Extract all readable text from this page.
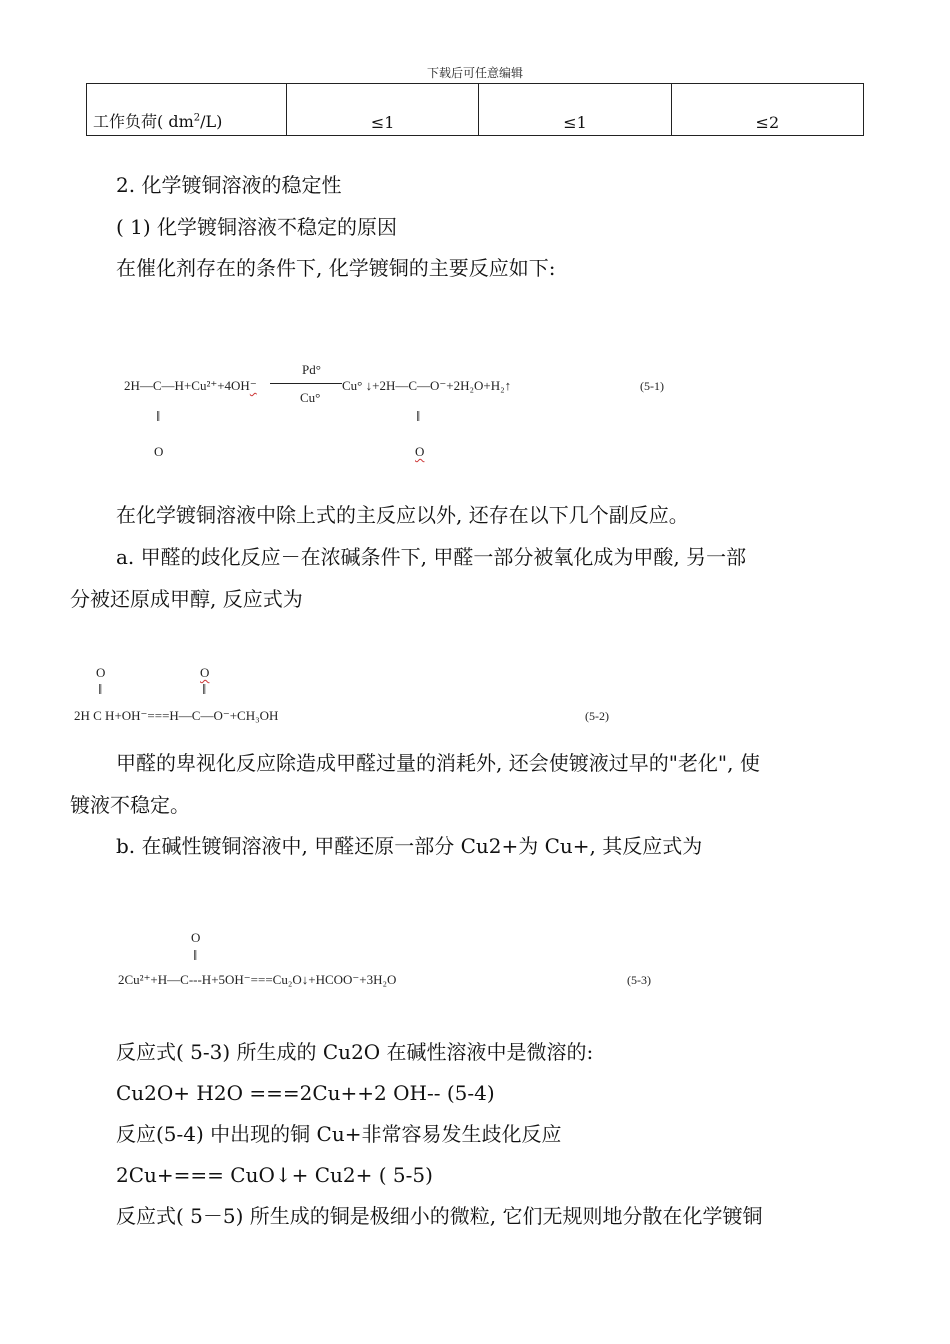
下载后可任意编辑
工作负荷( $dm^2/L$)	≤1	≤1	≤2
2. 化学镀铜溶液的稳定性
( 1) 化学镀铜溶液不稳定的原因
在催化剂存在的条件下, 化学镀铜的主要反应如下:
2H—C—H+Cu²⁺+4OH⁻
Pd°
Cu°
Cu° ↓+2H—C—O⁻+2H₂O+H₂↑
‖
O
‖
O
(5-1)
在化学镀铜溶液中除上式的主反应以外, 还存在以下几个副反应。
a. 甲醛的歧化反应－在浓碱条件下, 甲醛一部分被氧化成为甲酸, 另一部
分被还原成甲醇, 反应式为
O
‖
O
‖
2H C H+OH⁻===H—C—O⁻+CH₃OH	(5-2)
甲醛的卑视化反应除造成甲醛过量的消耗外, 还会使镀液过早的"老化", 使
镀液不稳定。
b. 在碱性镀铜溶液中, 甲醛还原一部分 Cu2+为 Cu+, 其反应式为
O
‖
2Cu²⁺+H—C---H+5OH⁻===Cu₂O↓+HCOO⁻+3H₂O	(5-3)
反应式( 5-3) 所生成的 Cu2O 在碱性溶液中是微溶的:
Cu2O+ H2O ===2Cu++2 OH-- (5-4)
反应(5-4) 中出现的铜 Cu+非常容易发生歧化反应
2Cu+=== CuO↓+ Cu2+ ( 5-5)
反应式( 5－5) 所生成的铜是极细小的微粒, 它们无规则地分散在化学镀铜
